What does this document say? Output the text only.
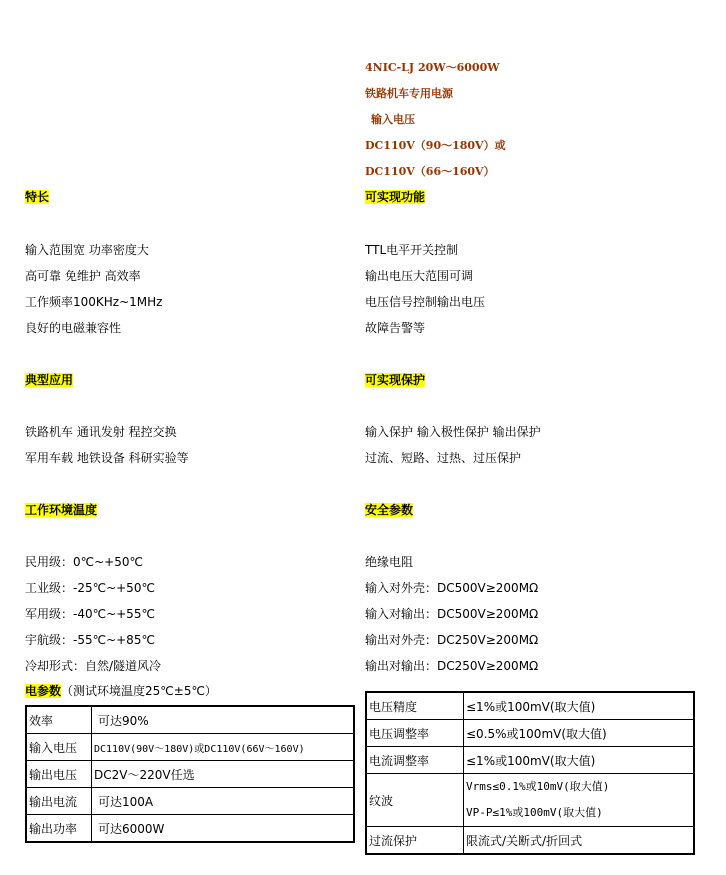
4NIC-LJ 20W～6000W
铁路机车专用电源
输入电压
DC110V（90～180V）或
DC110V（66～160V）
特长
输入范围宽 功率密度大
高可靠 免维护 高效率
工作频率100KHz~1MHz
良好的电磁兼容性
可实现功能
TTL电平开关控制
输出电压大范围可调
电压信号控制输出电压
故障告警等
典型应用
铁路机车 通讯发射 程控交换
军用车载 地铁设备 科研实验等
可实现保护
输入保护 输入极性保护 输出保护
过流、短路、过热、过压保护
工作环境温度
民用级：0℃~+50℃
工业级：-25℃~+50℃
军用级：-40℃~+55℃
宇航级：-55℃~+85℃
冷却形式：自然/隧道风冷
安全参数
绝缘电阻
输入对外壳：DC500V≥200MΩ
输入对输出：DC500V≥200MΩ
输出对外壳：DC250V≥200MΩ
输出对输出：DC250V≥200MΩ
电参数（测试环境温度25℃±5℃）
效率	可达90%
输入电压	DC110V(90V～180V)或DC110V(66V～160V)
输出电压	DC2V～220V任选
输出电流	可达100A
输出功率	可达6000W
电压精度	≤1%或100mV(取大值)
电压调整率	≤0.5%或100mV(取大值)
电流调整率	≤1%或100mV(取大值)
纹波	Vrms≤0.1%或10mV(取大值)
VP-P≤1%或100mV(取大值)

过流保护	限流式/关断式/折回式
